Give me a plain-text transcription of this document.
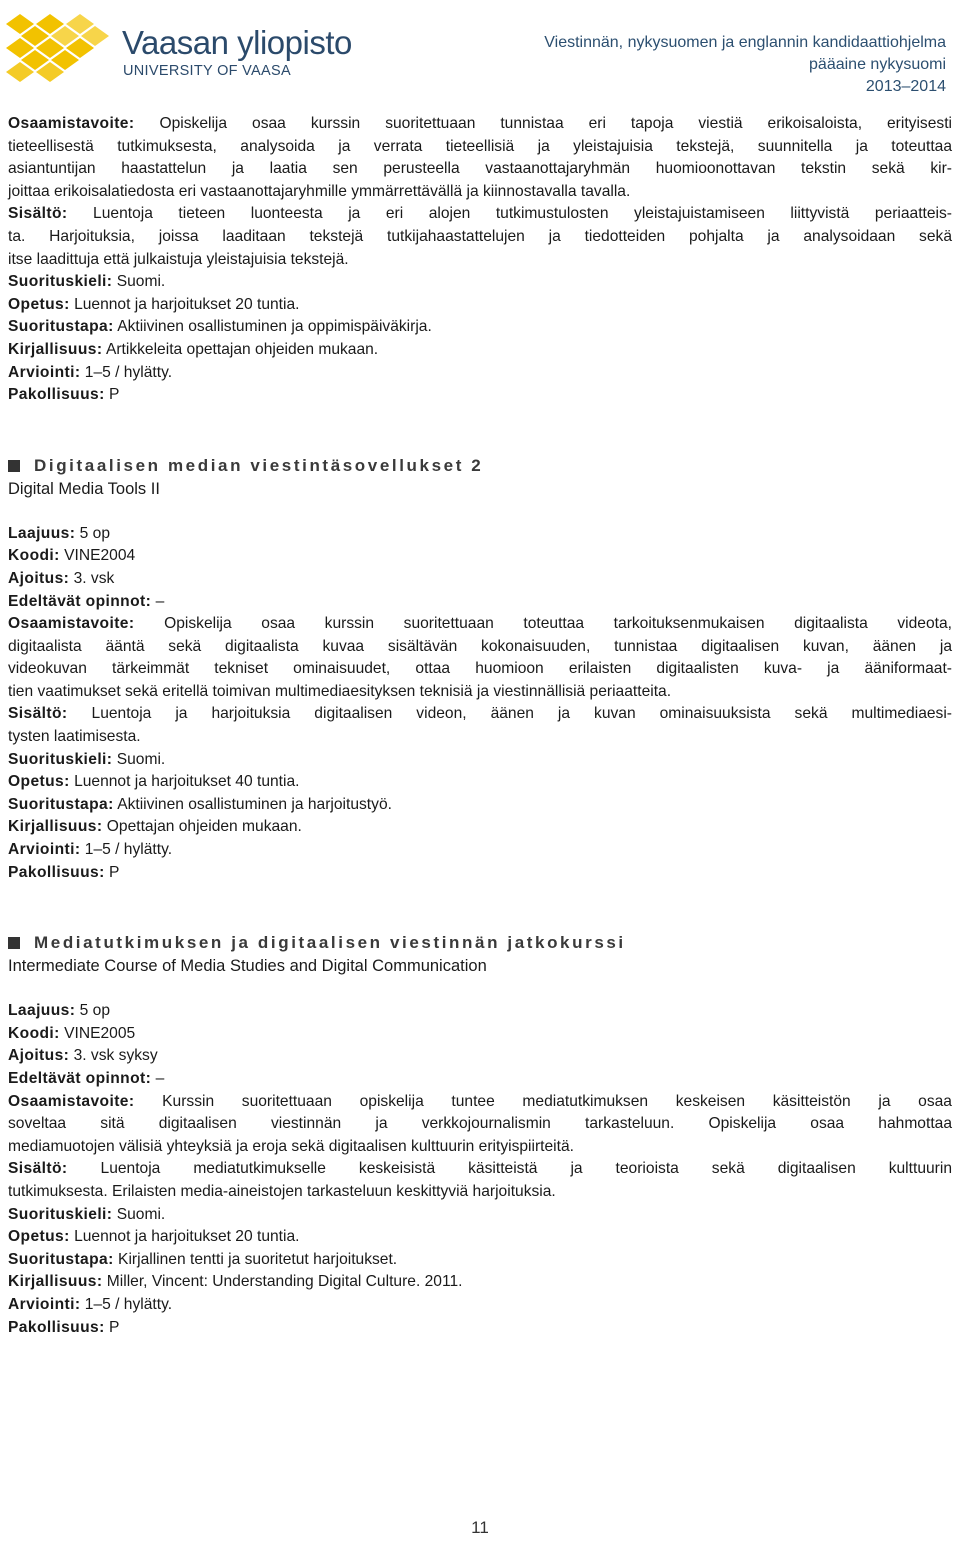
Vaasan yliopisto
UNIVERSITY OF VAASA
Viestinnän, nykysuomen ja englannin kandidaattiohjelma
pääaine nykysuomi
2013–2014
Osaamistavoite: Opiskelija osaa kurssin suoritettuaan tunnistaa eri tapoja viestiä erikoisaloista, erityisesti
tieteellisestä tutkimuksesta, analysoida ja verrata tieteellisiä ja yleistajuisia tekstejä, suunnitella ja toteuttaa
asiantuntijan haastattelun ja laatia sen perusteella vastaanottajaryhmän huomioonottavan tekstin sekä kir-
joittaa erikoisalatiedosta eri vastaanottajaryhmille ymmärrettävällä ja kiinnostavalla tavalla.
Sisältö: Luentoja tieteen luonteesta ja eri alojen tutkimustulosten yleistajuistamiseen liittyvistä periaatteis-
ta. Harjoituksia, joissa laaditaan tekstejä tutkijahaastattelujen ja tiedotteiden pohjalta ja analysoidaan sekä
itse laadittuja että julkaistuja yleistajuisia tekstejä.
Suorituskieli: Suomi.
Opetus: Luennot ja harjoitukset 20 tuntia.
Suoritustapa: Aktiivinen osallistuminen ja oppimispäiväkirja.
Kirjallisuus: Artikkeleita opettajan ohjeiden mukaan.
Arviointi: 1–5 / hylätty.
Pakollisuus: P
Digitaalisen median viestintäsovellukset 2
Digital Media Tools II
Laajuus: 5 op
Koodi: VINE2004
Ajoitus: 3. vsk
Edeltävät opinnot: –
Osaamistavoite: Opiskelija osaa kurssin suoritettuaan toteuttaa tarkoituksenmukaisen digitaalista videota,
digitaalista ääntä sekä digitaalista kuvaa sisältävän kokonaisuuden, tunnistaa digitaalisen kuvan, äänen ja
videokuvan tärkeimmät tekniset ominaisuudet, ottaa huomioon erilaisten digitaalisten kuva- ja ääniformaat-
tien vaatimukset sekä eritellä toimivan multimediaesityksen teknisiä ja viestinnällisiä periaatteita.
Sisältö: Luentoja ja harjoituksia digitaalisen videon, äänen ja kuvan ominaisuuksista sekä multimediaesi-
tysten laatimisesta.
Suorituskieli: Suomi.
Opetus: Luennot ja harjoitukset 40 tuntia.
Suoritustapa: Aktiivinen osallistuminen ja harjoitustyö.
Kirjallisuus: Opettajan ohjeiden mukaan.
Arviointi: 1–5 / hylätty.
Pakollisuus: P
Mediatutkimuksen ja digitaalisen viestinnän jatkokurssi
Intermediate Course of Media Studies and Digital Communication
Laajuus: 5 op
Koodi: VINE2005
Ajoitus: 3. vsk syksy
Edeltävät opinnot: –
Osaamistavoite: Kurssin suoritettuaan opiskelija tuntee mediatutkimuksen keskeisen käsitteistön ja osaa
soveltaa sitä digitaalisen viestinnän ja verkkojournalismin tarkasteluun. Opiskelija osaa hahmottaa
mediamuotojen välisiä yhteyksiä ja eroja sekä digitaalisen kulttuurin erityispiirteitä.
Sisältö: Luentoja mediatutkimukselle keskeisistä käsitteistä ja teorioista sekä digitaalisen kulttuurin
tutkimuksesta. Erilaisten media-aineistojen tarkasteluun keskittyviä harjoituksia.
Suorituskieli: Suomi.
Opetus: Luennot ja harjoitukset 20 tuntia.
Suoritustapa: Kirjallinen tentti ja suoritetut harjoitukset.
Kirjallisuus: Miller, Vincent: Understanding Digital Culture. 2011.
Arviointi: 1–5 / hylätty.
Pakollisuus: P
11
